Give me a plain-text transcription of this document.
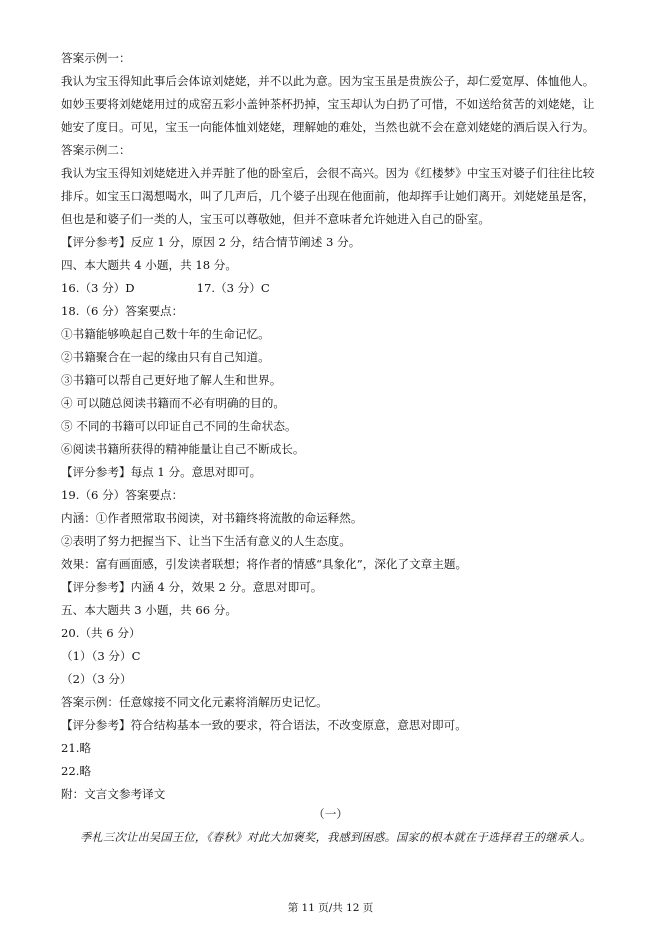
答案示例一：
我认为宝玉得知此事后会体谅刘姥姥，并不以此为意。因为宝玉虽是贵族公子，却仁爱宽厚、体恤他人。
如妙玉要将刘姥姥用过的成窑五彩小盖钟茶杯扔掉，宝玉却认为白扔了可惜，不如送给贫苦的刘姥姥，让
她安了度日。可见，宝玉一向能体恤刘姥姥，理解她的难处，当然也就不会在意刘姥姥的酒后误入行为。
答案示例二：
我认为宝玉得知刘姥姥进入并弄脏了他的卧室后，会很不高兴。因为《红楼梦》中宝玉对婆子们往往比较
排斥。如宝玉口渴想喝水，叫了几声后，几个婆子出现在他面前，他却挥手让她们离开。刘姥姥虽是客，
但也是和婆子们一类的人，宝玉可以尊敬她，但并不意味者允许她进入自己的卧室。
【评分参考】反应 1 分，原因 2 分，结合情节阐述 3 分。
四、本大题共 4 小题，共 18 分。
16.（3 分）D	17.（3 分）C
18.（6 分）答案要点：
①书籍能够唤起自己数十年的生命记忆。
②书籍聚合在一起的缘由只有自己知道。
③书籍可以帮自己更好地了解人生和世界。
④ 可以随总阅读书籍而不必有明确的目的。
⑤ 不同的书籍可以印证自己不同的生命状态。
⑥阅读书籍所获得的精神能量让自己不断成长。
【评分参考】每点 1 分。意思对即可。
19.（6 分）答案要点：
内涵：①作者照常取书阅读，对书籍终将流散的命运释然。
②表明了努力把握当下、让当下生活有意义的人生态度。
效果：富有画面感，引发读者联想；将作者的情感“具象化”，深化了文章主题。
【评分参考】内涵 4 分，效果 2 分。意思对即可。
五、本大题共 3 小题，共 66 分。
20.（共 6 分）
（1）（3 分）C
（2）（3 分）
答案示例：任意嫁接不同文化元素将消解历史记忆。
【评分参考】符合结构基本一致的要求，符合语法，不改变原意，意思对即可。
21.略
22.略
附：文言文参考译文
（一）
季札三次让出吴国王位，《春秋》对此大加褒奖，我感到困惑。国家的根本就在于选择君王的继承人。
第 11 页/共 12 页
